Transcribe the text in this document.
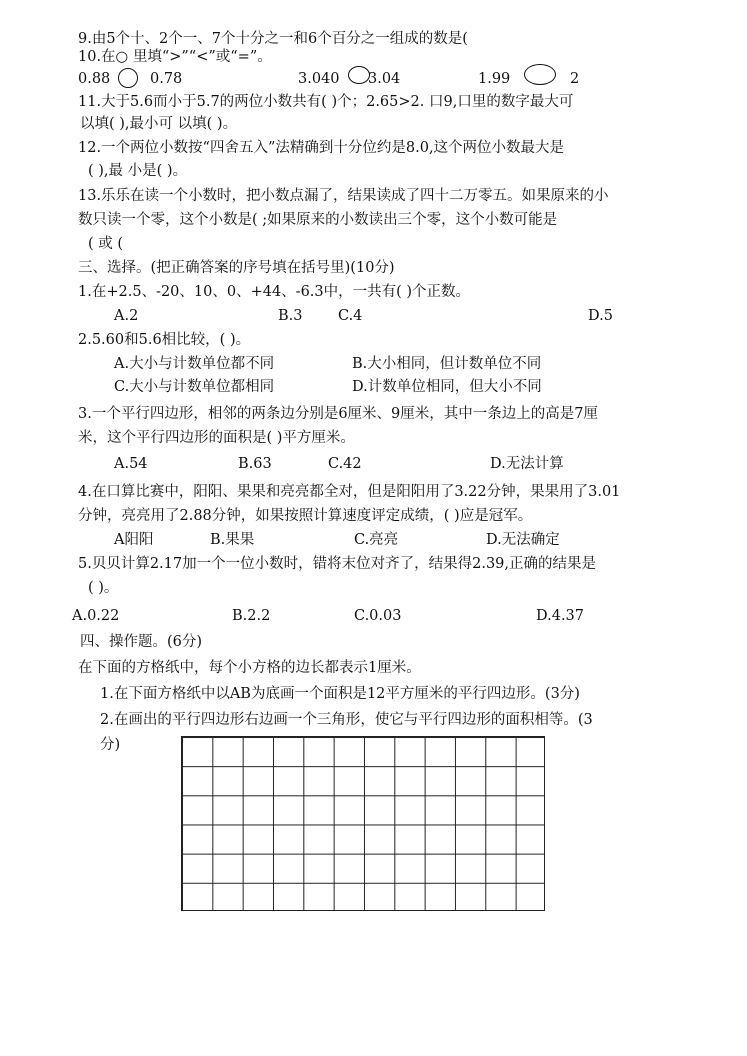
9.由5个十、2个一、7个十分之一和6个百分之一组成的数是(
10.在○ 里填“>”“<”或“=”。
0.88	0.78	3.040 3.04	1.99	2
11.大于5.6而小于5.7的两位小数共有( )个；2.65>2. 口9,口里的数字最大可
以填( ),最小可 以填( )。
12.一个两位小数按“四舍五入”法精确到十分位约是8.0,这个两位小数最大是
( ),最 小是( )。
13.乐乐在读一个小数时，把小数点漏了，结果读成了四十二万零五。如果原来的小
数只读一个零，这个小数是( ;如果原来的小数读出三个零，这个小数可能是
( 或 (
三、选择。(把正确答案的序号填在括号里)(10分)
1.在+2.5、-20、10、0、+44、-6.3中，一共有( )个正数。
A.2	B.3 C.4	D.5
2.5.60和5.6相比较，( )。
A.大小与计数单位都不同	B.大小相同，但计数单位不同
C.大小与计数单位都相同	D.计数单位相同，但大小不同
3.一个平行四边形，相邻的两条边分别是6厘米、9厘米，其中一条边上的高是7厘
米，这个平行四边形的面积是( )平方厘米。
A.54	B.63	C.42	D.无法计算
4.在口算比赛中，阳阳、果果和亮亮都全对，但是阳阳用了3.22分钟，果果用了3.01
分钟，亮亮用了2.88分钟，如果按照计算速度评定成绩，( )应是冠军。
A阳阳	B.果果	C.亮亮	D.无法确定
5.贝贝计算2.17加一个一位小数时，错将末位对齐了，结果得2.39,正确的结果是
( )。
A.0.22	B.2.2	C.0.03	D.4.37
四、操作题。(6分)
在下面的方格纸中，每个小方格的边长都表示1厘米。
1.在下面方格纸中以AB为底画一个面积是12平方厘米的平行四边形。(3分)
2.在画出的平行四边形右边画一个三角形，使它与平行四边形的面积相等。(3
分)
